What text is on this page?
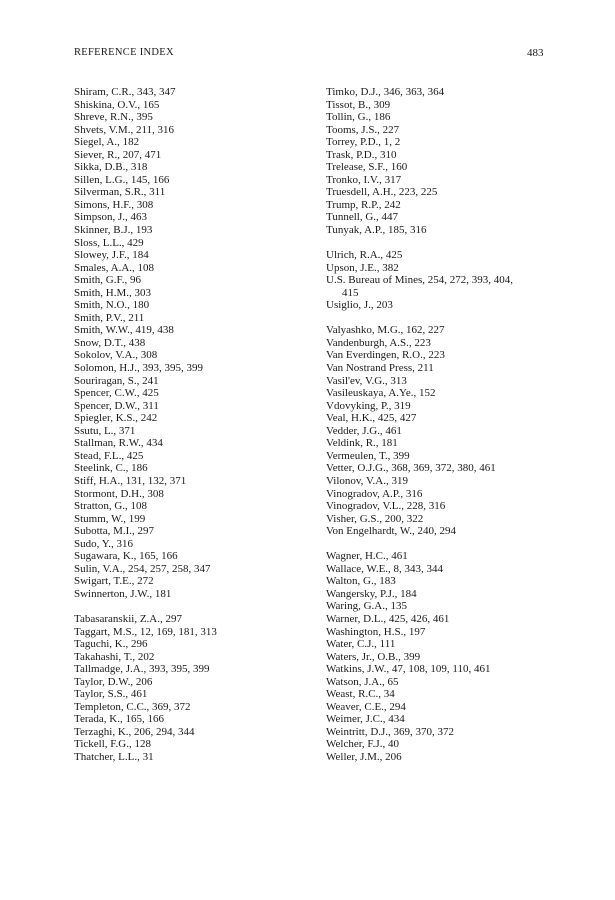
REFERENCE INDEX	483
Shiram, C.R., 343, 347
Shiskina, O.V., 165
Shreve, R.N., 395
Shvets, V.M., 211, 316
Siegel, A., 182
Siever, R., 207, 471
Sikka, D.B., 318
Sillen, L.G., 145, 166
Silverman, S.R., 311
Simons, H.F., 308
Simpson, J., 463
Skinner, B.J., 193
Sloss, L.L., 429
Slowey, J.F., 184
Smales, A.A., 108
Smith, G.F., 96
Smith, H.M., 303
Smith, N.O., 180
Smith, P.V., 211
Smith, W.W., 419, 438
Snow, D.T., 438
Sokolov, V.A., 308
Solomon, H.J., 393, 395, 399
Souriragan, S., 241
Spencer, C.W., 425
Spencer, D.W., 311
Spiegler, K.S., 242
Ssutu, L., 371
Stallman, R.W., 434
Stead, F.L., 425
Steelink, C., 186
Stiff, H.A., 131, 132, 371
Stormont, D.H., 308
Stratton, G., 108
Stumm, W., 199
Subotta, M.I., 297
Sudo, Y., 316
Sugawara, K., 165, 166
Sulin, V.A., 254, 257, 258, 347
Swigart, T.E., 272
Swinnerton, J.W., 181
Tabasaranskii, Z.A., 297
Taggart, M.S., 12, 169, 181, 313
Taguchi, K., 296
Takahashi, T., 202
Tallmadge, J.A., 393, 395, 399
Taylor, D.W., 206
Taylor, S.S., 461
Templeton, C.C., 369, 372
Terada, K., 165, 166
Terzaghi, K., 206, 294, 344
Tickell, F.G., 128
Thatcher, L.L., 31
Timko, D.J., 346, 363, 364
Tissot, B., 309
Tollin, G., 186
Tooms, J.S., 227
Torrey, P.D., 1, 2
Trask, P.D., 310
Trelease, S.F., 160
Tronko, I.V., 317
Truesdell, A.H., 223, 225
Trump, R.P., 242
Tunnell, G., 447
Tunyak, A.P., 185, 316
Ulrich, R.A., 425
Upson, J.E., 382
U.S. Bureau of Mines, 254, 272, 393, 404,
415
Usiglio, J., 203
Valyashko, M.G., 162, 227
Vandenburgh, A.S., 223
Van Everdingen, R.O., 223
Van Nostrand Press, 211
Vasil'ev, V.G., 313
Vasileuskaya, A.Ye., 152
Vdovyking, P., 319
Veal, H.K., 425, 427
Vedder, J.G., 461
Veldink, R., 181
Vermeulen, T., 399
Vetter, O.J.G., 368, 369, 372, 380, 461
Vilonov, V.A., 319
Vinogradov, A.P., 316
Vinogradov, V.L., 228, 316
Visher, G.S., 200, 322
Von Engelhardt, W., 240, 294
Wagner, H.C., 461
Wallace, W.E., 8, 343, 344
Walton, G., 183
Wangersky, P.J., 184
Waring, G.A., 135
Warner, D.L., 425, 426, 461
Washington, H.S., 197
Water, C.J., 111
Waters, Jr., O.B., 399
Watkins, J.W., 47, 108, 109, 110, 461
Watson, J.A., 65
Weast, R.C., 34
Weaver, C.E., 294
Weimer, J.C., 434
Weintritt, D.J., 369, 370, 372
Welcher, F.J., 40
Weller, J.M., 206
